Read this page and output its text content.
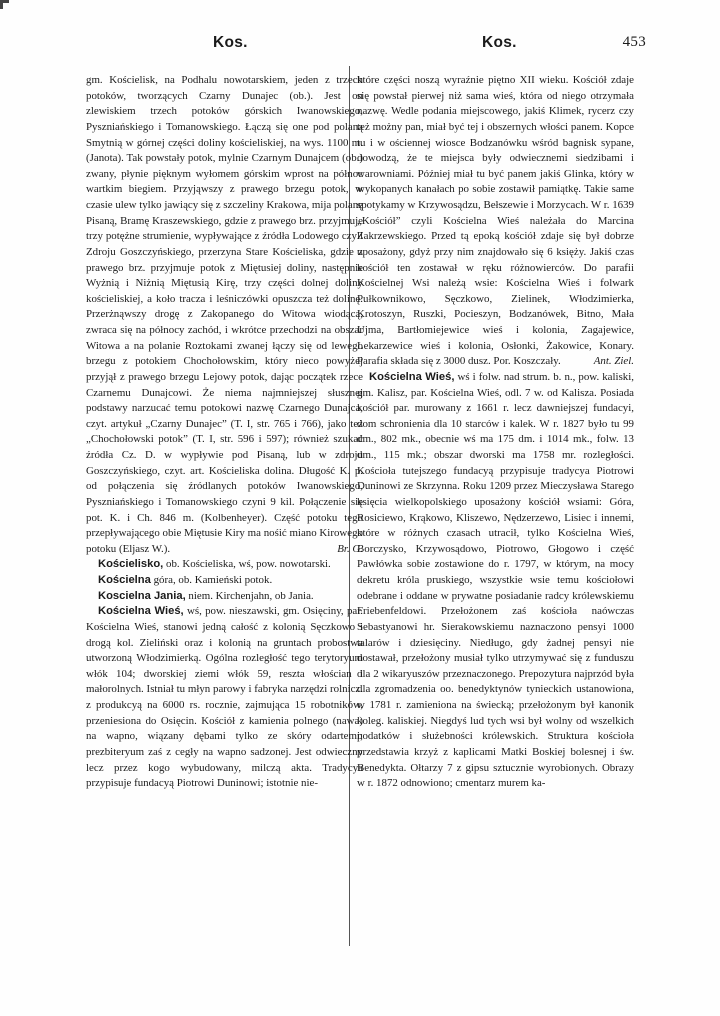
Kos.	Kos.	453

gm. Kościelisk, na Podhalu nowotarskiem, jeden z trzech potoków, tworzących Czarny Dunajec (ob.). Jest on zlewiskiem trzech potoków górskich Iwanowskiego, Pyszniańskiego i Tomanowskiego. Łączą się one pod polaną Smytnią w górnej części doliny kościeliskiej, na wys. 1100 m. (Janota). Tak powstały potok, mylnie Czarnym Dunajcem (ob.) zwany, płynie pięknym wyłomem górskim wprost na północ wartkim biegiem. Przyjąwszy z prawego brzegu potok, w czasie ulew tylko jawiący się z szczeliny Krakowa, mija polanę Pisaną, Bramę Kraszewskiego, gdzie z prawego brz. przyjmuje trzy potężne strumienie, wypływające z źródła Lodowego czyli Zdroju Goszczyńskiego, przerzyna Stare Kościeliska, gdzie z prawego brz. przyjmuje potok z Miętusiej doliny, następnie Wyżnią i Niżnią Miętusią Kirę, trzy części dolnej doliny kościeliskiej, a koło tracza i leśniczówki opuszcza też dolinę. Przerżnąwszy drogę z Zakopanego do Witowa wiodącą, zwraca się na północy zachód, i wkrótce przechodzi na obszar Witowa a na polanie Roztokami zwanej łączy się od lewego brzegu z potokiem Chochołowskim, który nieco powyżej przyjął z prawego brzegu Lejowy potok, dając początek rzece Czarnemu Dunajcowi. Że niema najmniejszej słusznej podstawy narzucać temu potokowi nazwę Czarnego Dunajca, czyt. artykuł „Czarny Dunajec” (T. I, str. 765 i 766), jako też „Chochołowski potok” (T. I, str. 596 i 597); również szukać źródła Cz. D. w wypływie pod Pisaną, lub w zdroju Goszczyńskiego, czyt. art. Kościeliska dolina. Długość K. p. od połączenia się źródlanych potoków Iwanowskiego, Pyszniańskiego i Tomanowskiego czyni 9 kil. Połączenie się pot. K. i Ch. 846 m. (Kolbenheyer). Część potoku tego przepływającego obie Miętusie Kiry ma nośić miano Kirowego potoku (Eljasz W.).	Br. G.

Kościelisko, ob. Kościeliska, wś, pow. nowotarski.

Kościelna góra, ob. Kamieński potok.

Koscielna Jania, niem. Kirchenjahn, ob Jania.

Kościelna Wieś, wś, pow. nieszawski, gm. Osięciny, par. Kościelna Wieś, stanowi jedną całość z kolonią Sęczkowo i drogą kol. Zieliński oraz i kolonią na gruntach probostwa utworzoną Włodzimierką. Ogólna rozległość tego terytoryum włók 104; dworskiej ziemi włók 59, reszta włościan i małorolnych. Istniał tu młyn parowy i fabryka narzędzi rolnicz. z produkcyą na 6000 rs. rocznie, zajmująca 15 robotników, przeniesiona do Osięcin. Kościół z kamienia polnego (nawa) na wapno, wiązany dębami tylko ze skóry odartemi; prezbiteryum zaś z cegły na wapno sadzonej. Jest odwieczny lecz przez kogo wybudowany, milczą akta. Tradycya przypisuje fundacyą Piotrowi Duninowi; istotnie nie-

które części noszą wyraźnie piętno XII wieku. Kościół zdaje się powstał pierwej niż sama wieś, która od niego otrzymała nazwę. Wedle podania miejscowego, jakiś Klimek, rycerz czy też możny pan, miał być tej i obszernych włości panem. Kopce tu i w ościennej wiosce Bodzanówku wśród bagnisk sypane, dowodzą, że te miejsca były odwiecznemi siedzibami i warowniami. Później miał tu być panem jakiś Glinka, który w wykopanych kanałach po sobie zostawił pamiątkę. Takie same spotykamy w Krzywosądzu, Bełszewie i Morzycach. W r. 1639 „Kościół” czyli Kościelna Wieś należała do Marcina Zakrzewskiego. Przed tą epoką kościół zdaje się był dobrze uposażony, gdyż przy nim znajdowało się 6 księży. Jakiś czas kościół ten zostawał w ręku różnowierców. Do parafii Kościelnej Wsi należą wsie: Kościelna Wieś i folwark Pułkownikowo, Sęczkowo, Zielinek, Włodzimierka, Krotoszyn, Ruszki, Pocieszyn, Bodzanówek, Bitno, Mała Ujma, Bartłomiejewice wieś i kolonia, Zagajewice, Lekarzewice wieś i kolonia, Osłonki, Żakowice, Konary. Parafia składa się z 3000 dusz. Por. Koszczały.	Ant. Ziel.

Kościelna Wieś, wś i folw. nad strum. b. n., pow. kaliski, gm. Kalisz, par. Kościelna Wieś, odl. 7 w. od Kalisza. Posiada kościół par. murowany z 1661 r. lecz dawniejszej fundacyi, dom schronienia dla 10 starców i kalek. W r. 1827 było tu 99 dm., 802 mk., obecnie wś ma 175 dm. i 1014 mk., folw. 13 dm., 115 mk.; obszar dworski ma 1758 mr. rozległości. Kościoła tutejszego fundacyą przypisuje tradycya Piotrowi Duninowi ze Skrzynna. Roku 1209 przez Mieczysława Starego księcia wielkopolskiego uposażony kościół wsiami: Góra, Rosiciewo, Krąkowo, Kliszewo, Nędzerzewo, Lisiec i innemi, które w różnych czasach utracił, tylko Kościelna Wieś, Borczysko, Krzywosądowo, Piotrowo, Głogowo i część Pawłówka sobie zostawione do r. 1797, w którym, na mocy dekretu króla pruskiego, wszystkie wsie temu kościołowi odebrane i oddane w prywatne posiadanie radcy królewskiemu Friebenfeldowi. Przełożonem zaś kościoła naówczas Sebastyanowi hr. Sierakowskiemu naznaczono pensyi 1000 talarów i dziesięciny. Niedługo, gdy żadnej pensyi nie dostawał, przełożony musiał tylko utrzymywać się z funduszu dla 2 wikaryuszów przeznaczonego. Prepozytura najprzód była dla zgromadzenia oo. benedyktynów tynieckich ustanowiona, w 1781 r. zamieniona na świecką; przełożonym był kanonik koleg. kaliskiej. Niegdyś lud tych wsi był wolny od wszelkich podatków i służebności królewskich. Struktura kościoła przedstawia krzyż z kaplicami Matki Boskiej bolesnej i św. Benedykta. Ołtarzy 7 z gipsu sztucznie wyrobionych. Obrazy w r. 1872 odnowiono; cmentarz murem ka-
